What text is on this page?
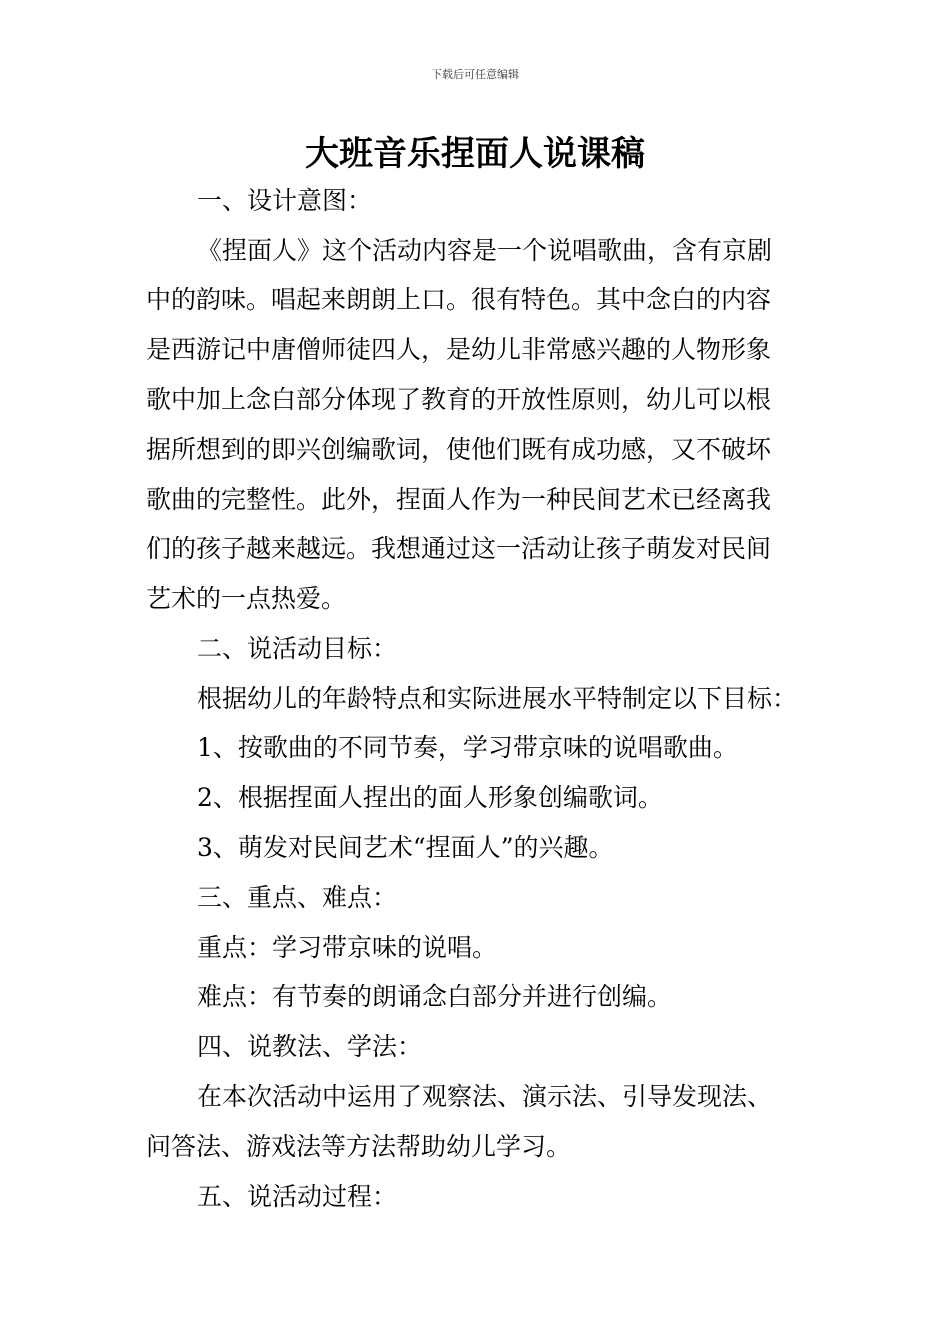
下载后可任意编辑
大班音乐捏面人说课稿
一、设计意图：
《捏面人》这个活动内容是一个说唱歌曲，含有京剧
中的韵味。唱起来朗朗上口。很有特色。其中念白的内容
是西游记中唐僧师徒四人，是幼儿非常感兴趣的人物形象
歌中加上念白部分体现了教育的开放性原则，幼儿可以根
据所想到的即兴创编歌词，使他们既有成功感，又不破坏
歌曲的完整性。此外，捏面人作为一种民间艺术已经离我
们的孩子越来越远。我想通过这一活动让孩子萌发对民间
艺术的一点热爱。
二、说活动目标：
根据幼儿的年龄特点和实际进展水平特制定以下目标：
1、按歌曲的不同节奏，学习带京味的说唱歌曲。
2、根据捏面人捏出的面人形象创编歌词。
3、萌发对民间艺术“捏面人”的兴趣。
三、重点、难点：
重点：学习带京味的说唱。
难点：有节奏的朗诵念白部分并进行创编。
四、说教法、学法：
在本次活动中运用了观察法、演示法、引导发现法、
问答法、游戏法等方法帮助幼儿学习。
五、说活动过程：
